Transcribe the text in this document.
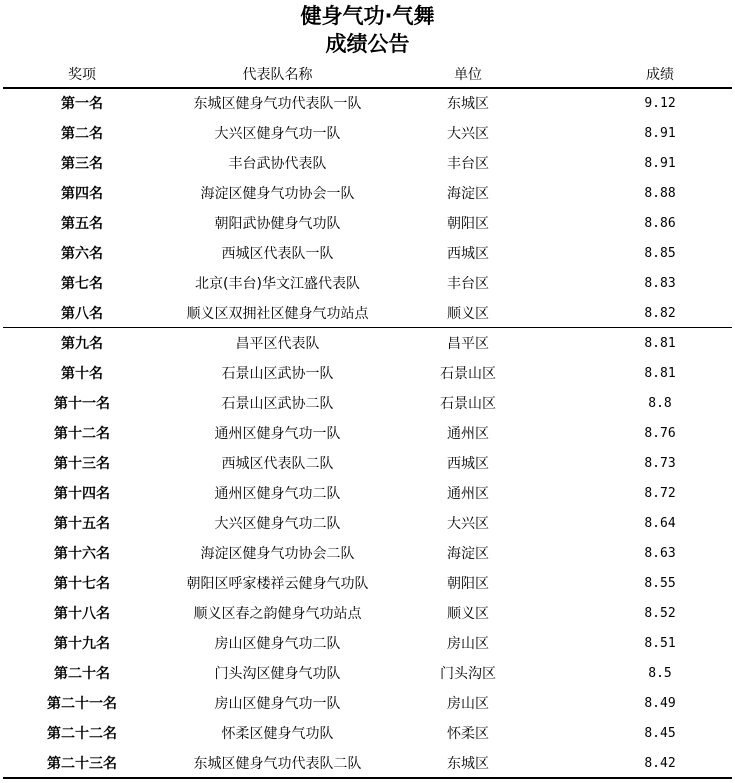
健身气功·气舞
成绩公告
奖项	代表队名称	单位	成绩
第一名	东城区健身气功代表队一队	东城区	9.12
第二名	大兴区健身气功一队	大兴区	8.91
第三名	丰台武协代表队	丰台区	8.91
第四名	海淀区健身气功协会一队	海淀区	8.88
第五名	朝阳武协健身气功队	朝阳区	8.86
第六名	西城区代表队一队	西城区	8.85
第七名	北京(丰台)华文江盛代表队	丰台区	8.83
第八名	顺义区双拥社区健身气功站点	顺义区	8.82
第九名	昌平区代表队	昌平区	8.81
第十名	石景山区武协一队	石景山区	8.81
第十一名	石景山区武协二队	石景山区	8.8
第十二名	通州区健身气功一队	通州区	8.76
第十三名	西城区代表队二队	西城区	8.73
第十四名	通州区健身气功二队	通州区	8.72
第十五名	大兴区健身气功二队	大兴区	8.64
第十六名	海淀区健身气功协会二队	海淀区	8.63
第十七名	朝阳区呼家楼祥云健身气功队	朝阳区	8.55
第十八名	顺义区春之韵健身气功站点	顺义区	8.52
第十九名	房山区健身气功二队	房山区	8.51
第二十名	门头沟区健身气功队	门头沟区	8.5
第二十一名	房山区健身气功一队	房山区	8.49
第二十二名	怀柔区健身气功队	怀柔区	8.45
第二十三名	东城区健身气功代表队二队	东城区	8.42
